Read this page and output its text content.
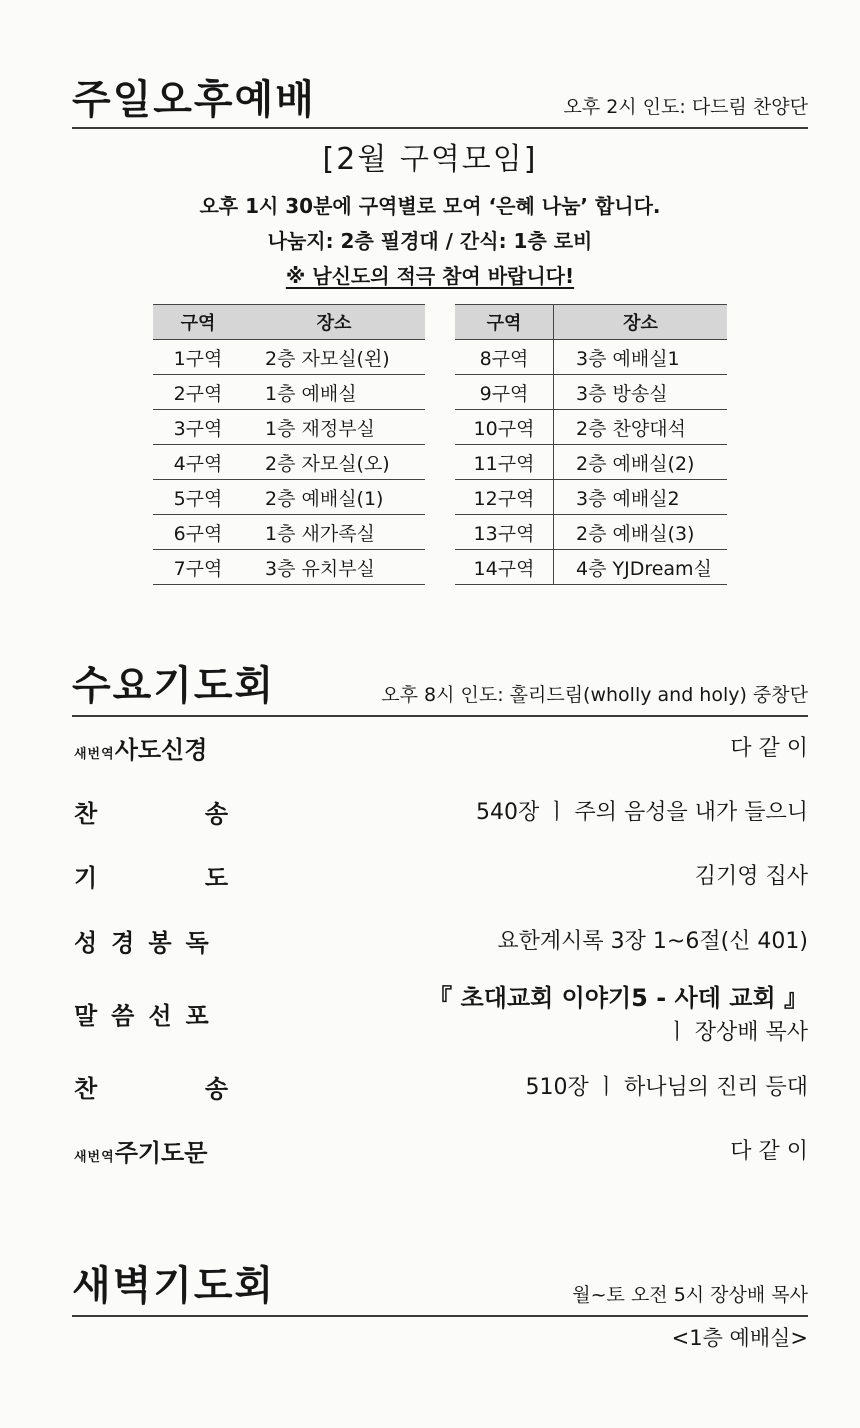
주일오후예배	오후 2시 인도: 다드림 찬양단
[2월 구역모임]
오후 1시 30분에 구역별로 모여 ‘은혜 나눔’ 합니다.
나눔지: 2층 필경대 / 간식: 1층 로비
※ 남신도의 적극 참여 바랍니다!
구역	장소
1구역	2층 자모실(왼)
2구역	1층 예배실
3구역	1층 재정부실
4구역	2층 자모실(오)
5구역	2층 예배실(1)
6구역	1층 새가족실
7구역	3층 유치부실
구역	장소
8구역	3층 예배실1
9구역	3층 방송실
10구역	2층 찬양대석
11구역	2층 예배실(2)
12구역	3층 예배실2
13구역	2층 예배실(3)
14구역	4층 YJDream실
수요기도회	오후 8시 인도: 홀리드림(wholly and holy) 중창단
새번역사도신경	다 같 이
찬	송	540장 ㅣ 주의 음성을 내가 들으니
기	도	김기영 집사
성경봉독	요한계시록 3장 1~6절(신 401)
말씀선포
『 초대교회 이야기5 - 사데 교회 』
ㅣ 장상배 목사
찬	송	510장 ㅣ 하나님의 진리 등대
새번역주기도문	다 같 이
새벽기도회	월~토 오전 5시 장상배 목사
<1층 예배실>
